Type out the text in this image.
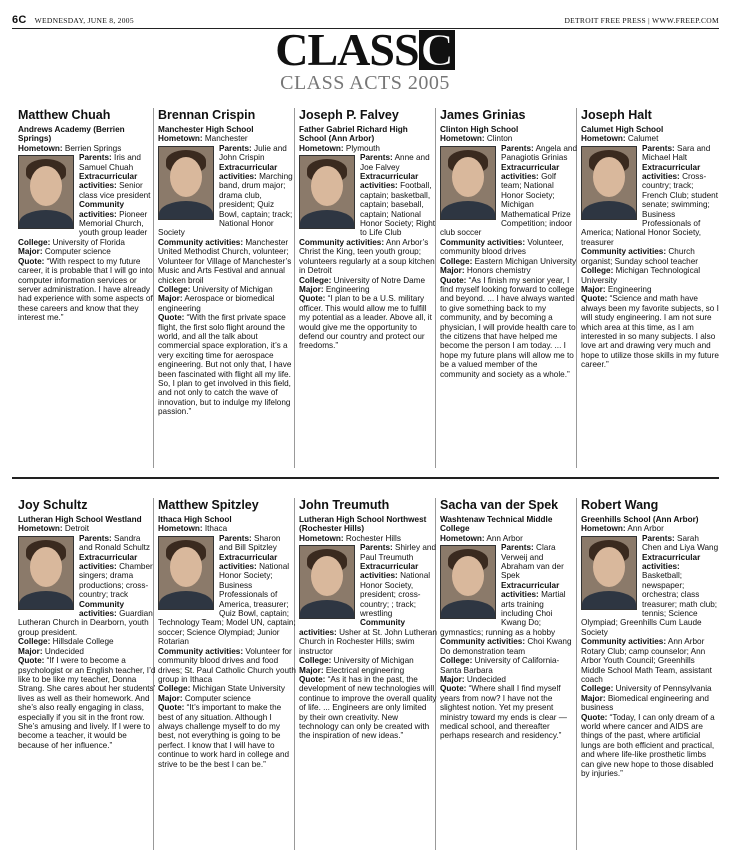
6C WEDNESDAY, JUNE 8, 2005	DETROIT FREE PRESS | WWW.FREEP.COM
CLASSC
CLASS ACTS 2005
Matthew Chuah

Andrews Academy (Berrien Springs)

Hometown: Berrien Springs

Parents: Iris and Samuel Chuah

Extracurricular activities: Senior class vice president

Community activities: Pioneer Memorial Church, youth group leader

College: University of Florida

Major: Computer science

Quote: “With respect to my future career, it is probable that I will go into computer information services or server administration. I have already had experience with some aspects of these careers and know that they interest me.”

Brennan Crispin

Manchester High School

Hometown: Manchester

Parents: Julie and John Crispin

Extracurricular activities: Marching band, drum major; drama club, president; Quiz Bowl, captain; track; National Honor Society

Community activities: Manchester United Methodist Church, volunteer; Volunteer for Village of Manchester’s Music and Arts Festival and annual chicken broil

College: University of Michigan

Major: Aerospace or biomedical engineering

Quote: “With the first private space flight, the first solo flight around the world, and all the talk about commercial space exploration, it’s a very exciting time for aerospace engineering. But not only that, I have been fascinated with flight all my life. So, I plan to get involved in this field, and not only to catch the wave of innovation, but to indulge my lifelong passion.”

Joseph P. Falvey

Father Gabriel Richard High School (Ann Arbor)

Hometown: Plymouth

Parents: Anne and Joe Falvey

Extracurricular activities: Football, captain; basketball, captain; baseball, captain; National Honor Society; Right to Life Club

Community activities: Ann Arbor’s Christ the King, teen youth group; volunteers regularly at a soup kitchen in Detroit

College: University of Notre Dame

Major: Engineering

Quote: “I plan to be a U.S. military officer. This would allow me to fulfill my potential as a leader. Above all, it would give me the opportunity to defend our country and protect our freedoms.”

James Grinias

Clinton High School

Hometown: Clinton

Parents: Angela and Panagiotis Grinias

Extracurricular activities: Golf team; National Honor Society; Michigan Mathematical Prize Competition; indoor club soccer

Community activities: Volunteer, community blood drives

College: Eastern Michigan University

Major: Honors chemistry

Quote: “As I finish my senior year, I find myself looking forward to college and beyond. ... I have always wanted to give something back to my community, and by becoming a physician, I will provide health care to the citizens that have helped me become the person I am today. ... I hope my future plans will allow me to be a valued member of the community and society as a whole.”

Joseph Halt

Calumet High School

Hometown: Calumet

Parents: Sara and Michael Halt

Extracurricular activities: Cross-country; track; French Club; student senate; swimming; Business Professionals of America; National Honor Society, treasurer

Community activities: Church organist; Sunday school teacher

College: Michigan Technological University

Major: Engineering

Quote: “Science and math have always been my favorite subjects, so I will study engineering. I am not sure which area at this time, as I am interested in so many subjects. I also love art and drawing very much and hope to utilize those skills in my future career.”

Joy Schultz

Lutheran High School Westland

Hometown: Detroit

Parents: Sandra and Ronald Schultz

Extracurricular activities: Chamber singers; drama productions; cross-country; track

Community activities: Guardian Lutheran Church in Dearborn, youth group president.

College: Hillsdale College

Major: Undecided

Quote: “If I were to become a psychologist or an English teacher, I’d like to be like my teacher, Donna Strang. She cares about her students’ lives as well as their homework. And she’s also really engaging in class, especially if you sit in the front row. She’s amusing and lively. If I were to become a teacher, it would be because of her influence.”

Matthew Spitzley

Ithaca High School

Hometown: Ithaca

Parents: Sharon and Bill Spitzley

Extracurricular activities: National Honor Society; Business Professionals of America, treasurer; Quiz Bowl, captain; Technology Team; Model UN, captain; soccer; Science Olympiad; Junior Rotarian

Community activities: Volunteer for community blood drives and food drives; St. Paul Catholic Church youth group in Ithaca

College: Michigan State University

Major: Computer science

Quote: “It’s important to make the best of any situation. Although I always challenge myself to do my best, not everything is going to be perfect. I know that I will have to continue to work hard in college and strive to be the best I can be.”

John Treumuth

Lutheran High School Northwest (Rochester Hills)

Hometown: Rochester Hills

Parents: Shirley and Paul Treumuth

Extracurricular activities: National Honor Society, president; cross-country; ; track; wrestling

Community activities: Usher at St. John Lutheran Church in Rochester Hills; swim instructor

College: University of Michigan

Major: Electrical engineering

Quote: “As it has in the past, the development of new technologies will continue to improve the overall quality of life. ... Engineers are only limited by their own creativity. New technology can only be created with the inspiration of new ideas.”

Sacha van der Spek

Washtenaw Technical Middle College

Hometown: Ann Arbor

Parents: Clara Verweij and Abraham van der Spek

Extracurricular activities: Martial arts training including Choi Kwang Do; gymnastics; running as a hobby

Community activities: Choi Kwang Do demonstration team

College: University of California-Santa Barbara

Major: Undecided

Quote: “Where shall I find myself years from now? I have not the slightest notion. Yet my present ministry toward my ends is clear — medical school, and thereafter perhaps research and residency.”

Robert Wang

Greenhills School (Ann Arbor)

Hometown: Ann Arbor

Parents: Sarah Chen and Liya Wang

Extracurricular activities: Basketball; newspaper; orchestra; class treasurer; math club; tennis; Science Olympiad; Greenhills Cum Laude Society

Community activities: Ann Arbor Rotary Club; camp counselor; Ann Arbor Youth Council; Greenhills Middle School Math Team, assistant coach

College: University of Pennsylvania

Major: Biomedical engineering and business

Quote: “Today, I can only dream of a world where cancer and AIDS are things of the past, where artificial lungs are both efficient and practical, and where life-like prosthetic limbs can give new hope to those disabled by injuries.”
